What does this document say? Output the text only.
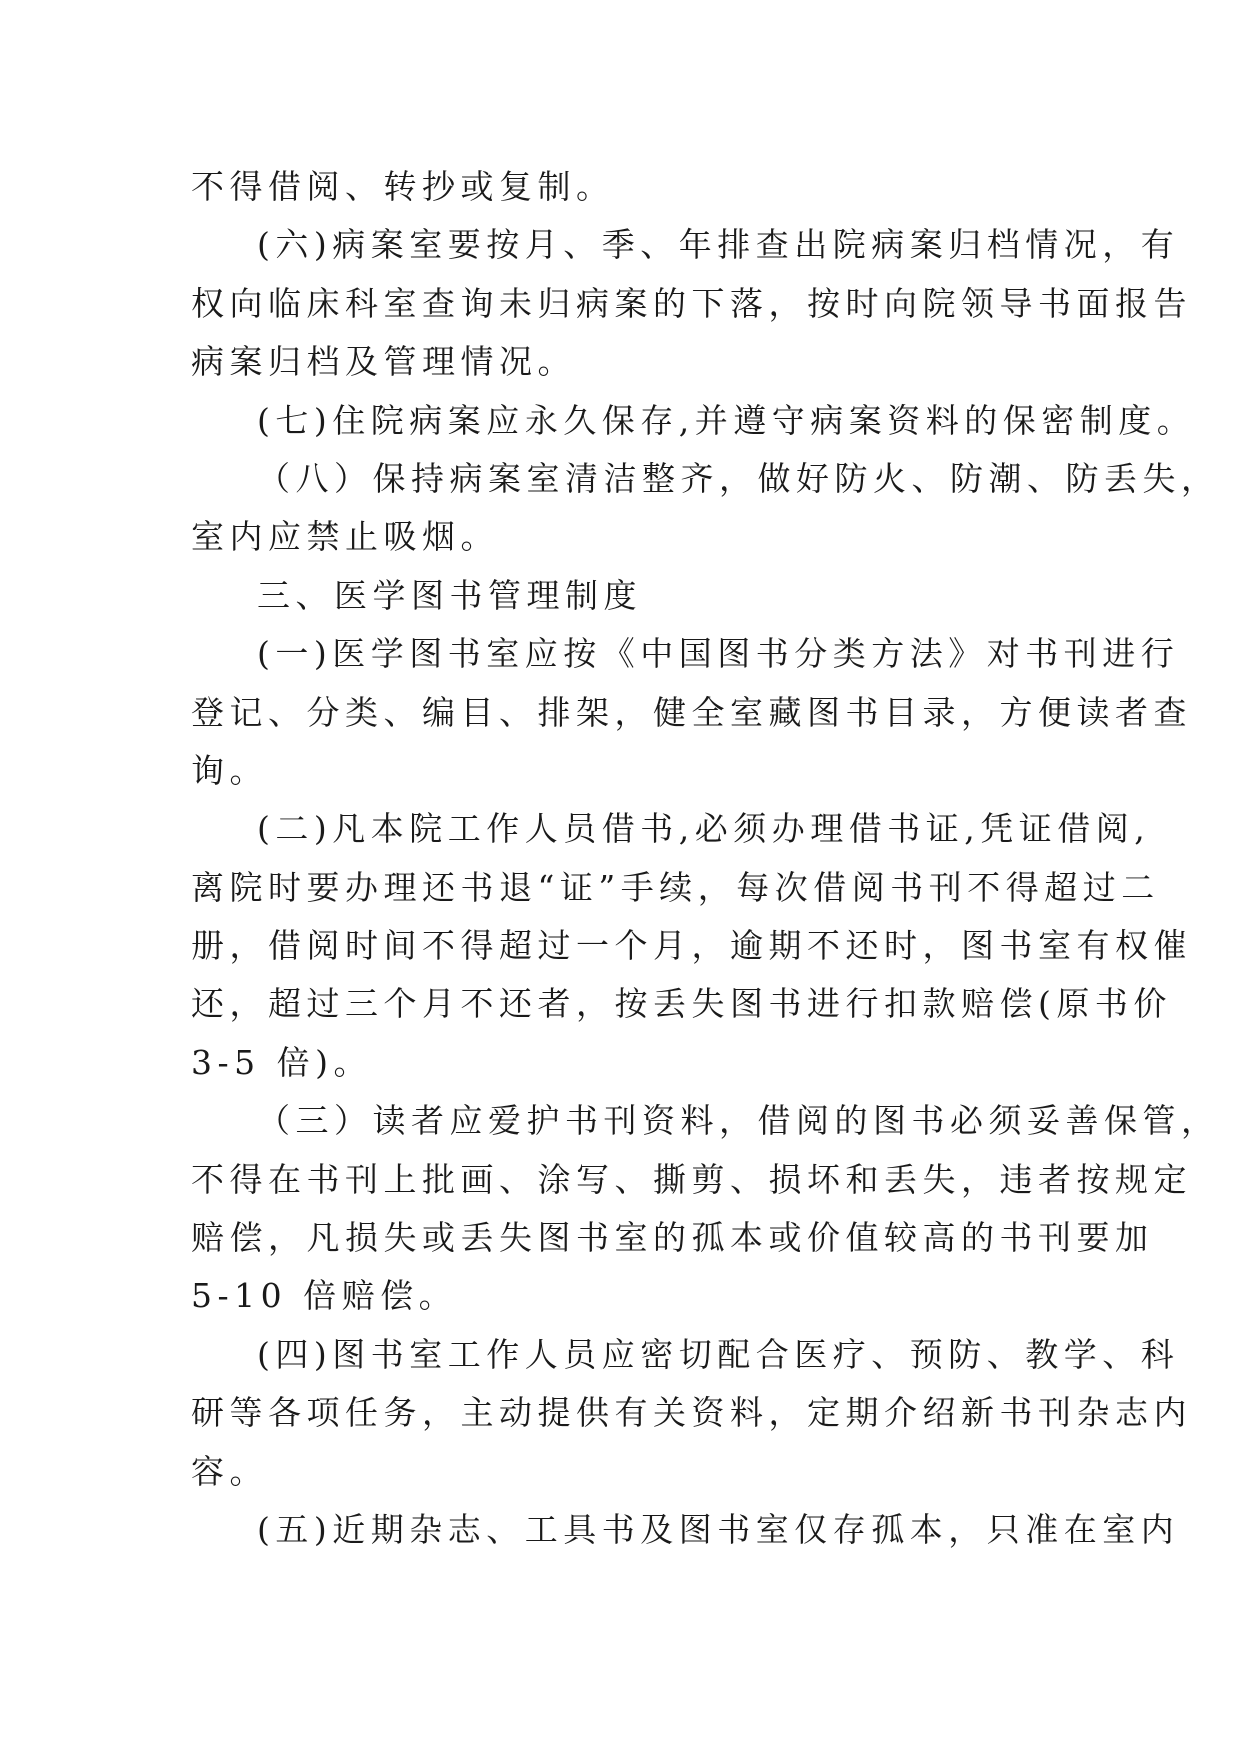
不得借阅、转抄或复制。
(六)病案室要按月、季、年排查出院病案归档情况，有
权向临床科室查询未归病案的下落，按时向院领导书面报告
病案归档及管理情况。
(七)住院病案应永久保存,并遵守病案资料的保密制度。
（八）保持病案室清洁整齐，做好防火、防潮、防丢失，
室内应禁止吸烟。
三、医学图书管理制度
(一)医学图书室应按《中国图书分类方法》对书刊进行
登记、分类、编目、排架，健全室藏图书目录，方便读者查
询。
(二)凡本院工作人员借书,必须办理借书证,凭证借阅,
离院时要办理还书退“证”手续，每次借阅书刊不得超过二
册，借阅时间不得超过一个月，逾期不还时，图书室有权催
还，超过三个月不还者，按丢失图书进行扣款赔偿(原书价
3-5 倍)。
（三）读者应爱护书刊资料，借阅的图书必须妥善保管，
不得在书刊上批画、涂写、撕剪、损坏和丢失，违者按规定
赔偿，凡损失或丢失图书室的孤本或价值较高的书刊要加
5-10 倍赔偿。
(四)图书室工作人员应密切配合医疗、预防、教学、科
研等各项任务，主动提供有关资料，定期介绍新书刊杂志内
容。
(五)近期杂志、工具书及图书室仅存孤本，只准在室内
